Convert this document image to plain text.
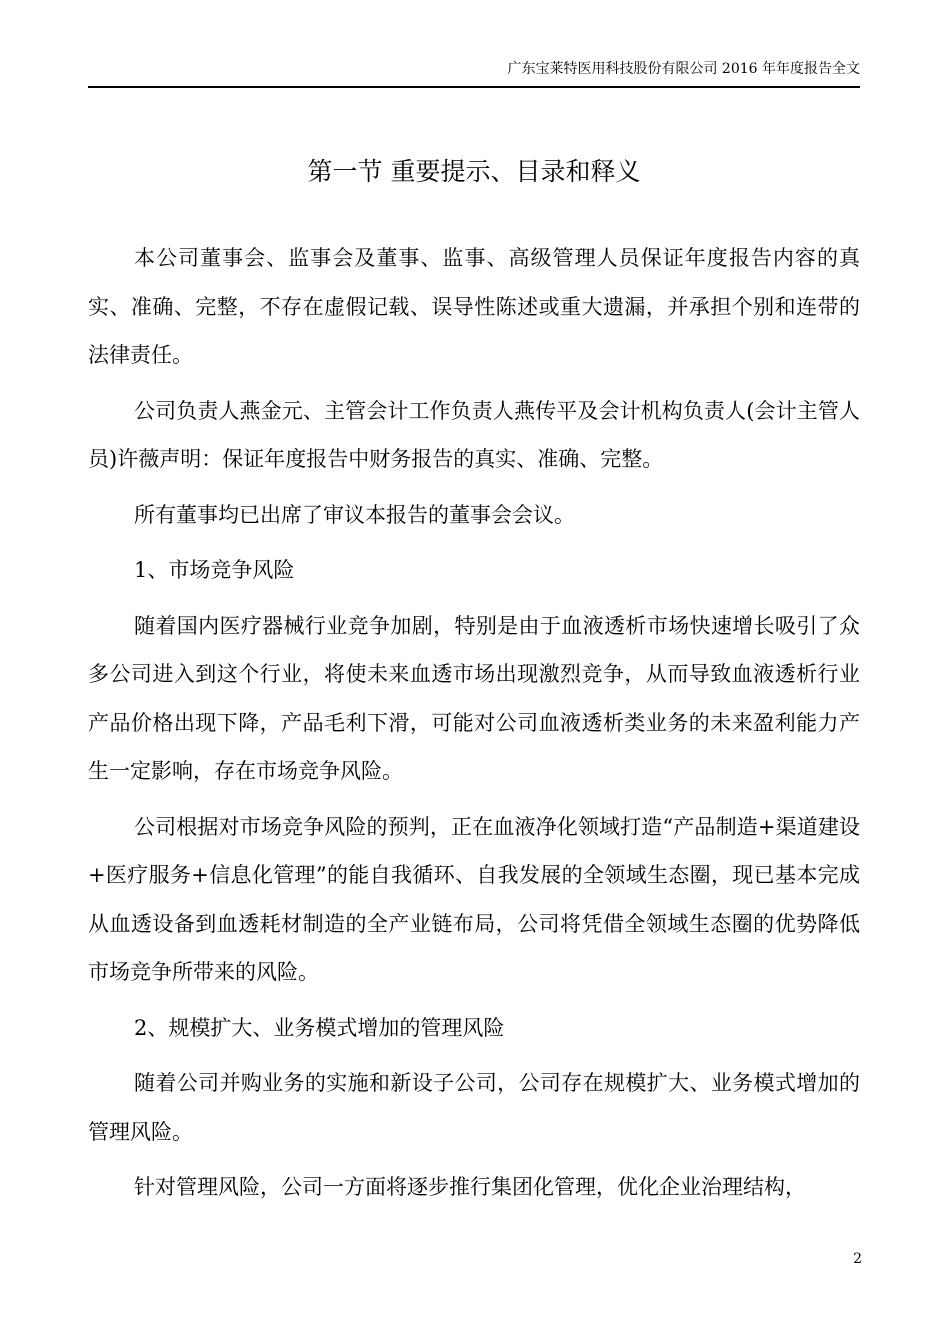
广东宝莱特医用科技股份有限公司 2016 年年度报告全文
第一节 重要提示、目录和释义

本公司董事会、监事会及董事、监事、高级管理人员保证年度报告内容的真实、准确、完整，不存在虚假记载、误导性陈述或重大遗漏，并承担个别和连带的法律责任。

公司负责人燕金元、主管会计工作负责人燕传平及会计机构负责人(会计主管人员)许薇声明：保证年度报告中财务报告的真实、准确、完整。

所有董事均已出席了审议本报告的董事会会议。

1、市场竞争风险

随着国内医疗器械行业竞争加剧，特别是由于血液透析市场快速增长吸引了众多公司进入到这个行业，将使未来血透市场出现激烈竞争，从而导致血液透析行业产品价格出现下降，产品毛利下滑，可能对公司血液透析类业务的未来盈利能力产生一定影响，存在市场竞争风险。

公司根据对市场竞争风险的预判，正在血液净化领域打造“产品制造+渠道建设+医疗服务+信息化管理”的能自我循环、自我发展的全领域生态圈，现已基本完成从血透设备到血透耗材制造的全产业链布局，公司将凭借全领域生态圈的优势降低市场竞争所带来的风险。

2、规模扩大、业务模式增加的管理风险

随着公司并购业务的实施和新设子公司，公司存在规模扩大、业务模式增加的管理风险。

针对管理风险，公司一方面将逐步推行集团化管理，优化企业治理结构，

2
